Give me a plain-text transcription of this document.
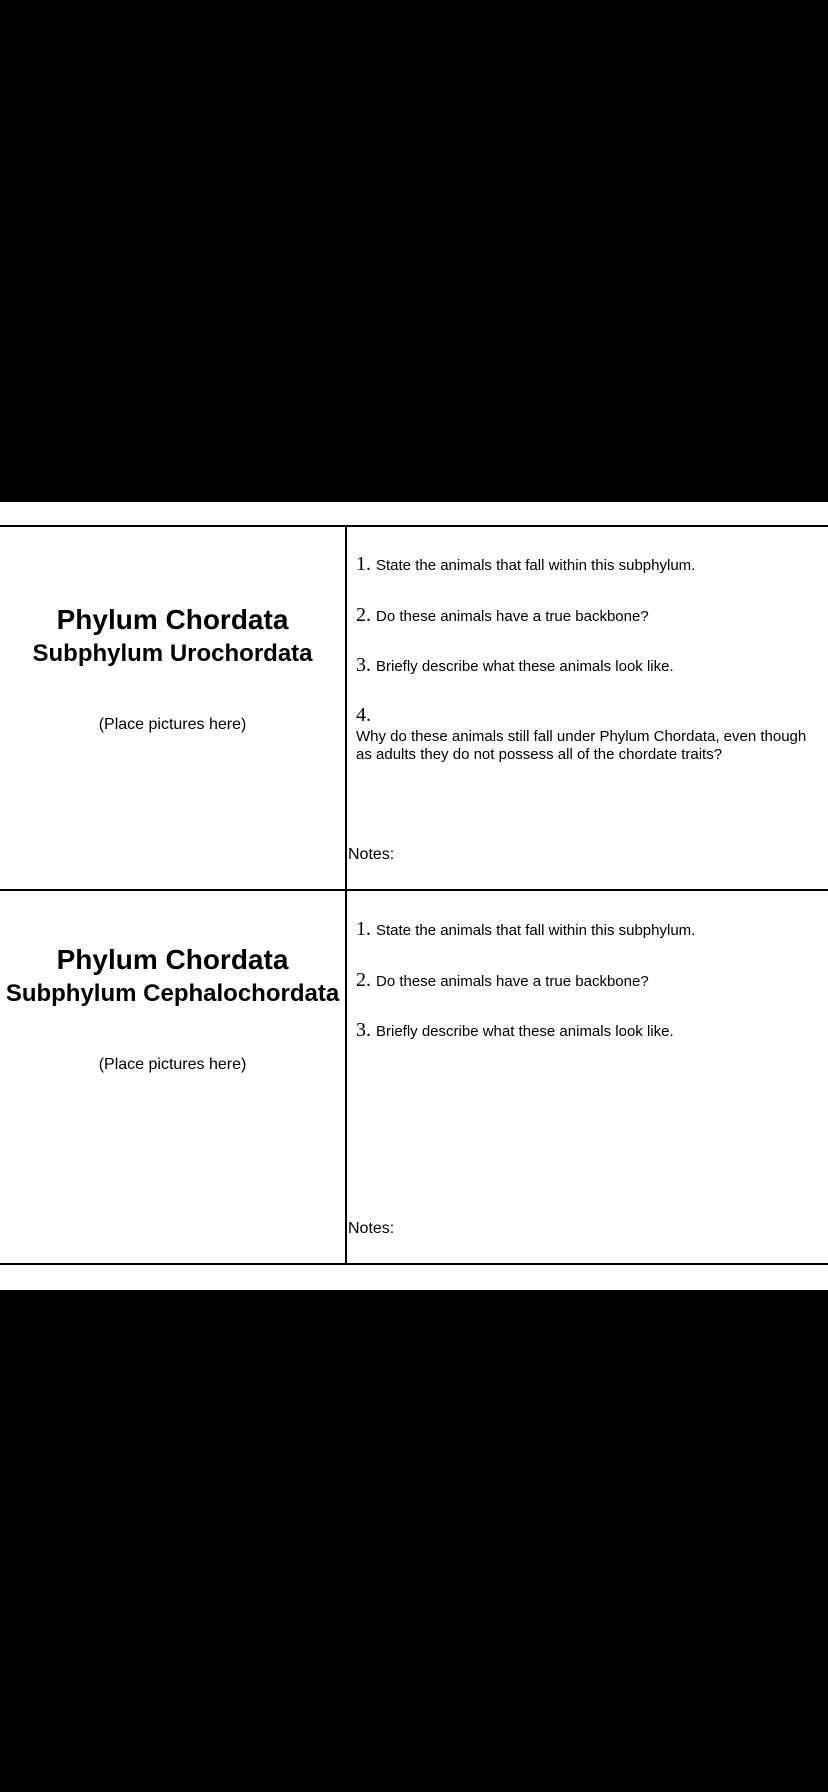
Phylum Chordata
Subphylum Urochordata
(Place pictures here)
1. State the animals that fall within this subphylum.
2. Do these animals have a true backbone?
3. Briefly describe what these animals look like.
4.Why do these animals still fall under Phylum Chordata, even though as adults they do not possess all of the chordate traits?
Notes:
Phylum Chordata
Subphylum Cephalochordata
(Place pictures here)
1. State the animals that fall within this subphylum.
2. Do these animals have a true backbone?
3. Briefly describe what these animals look like.
Notes:
